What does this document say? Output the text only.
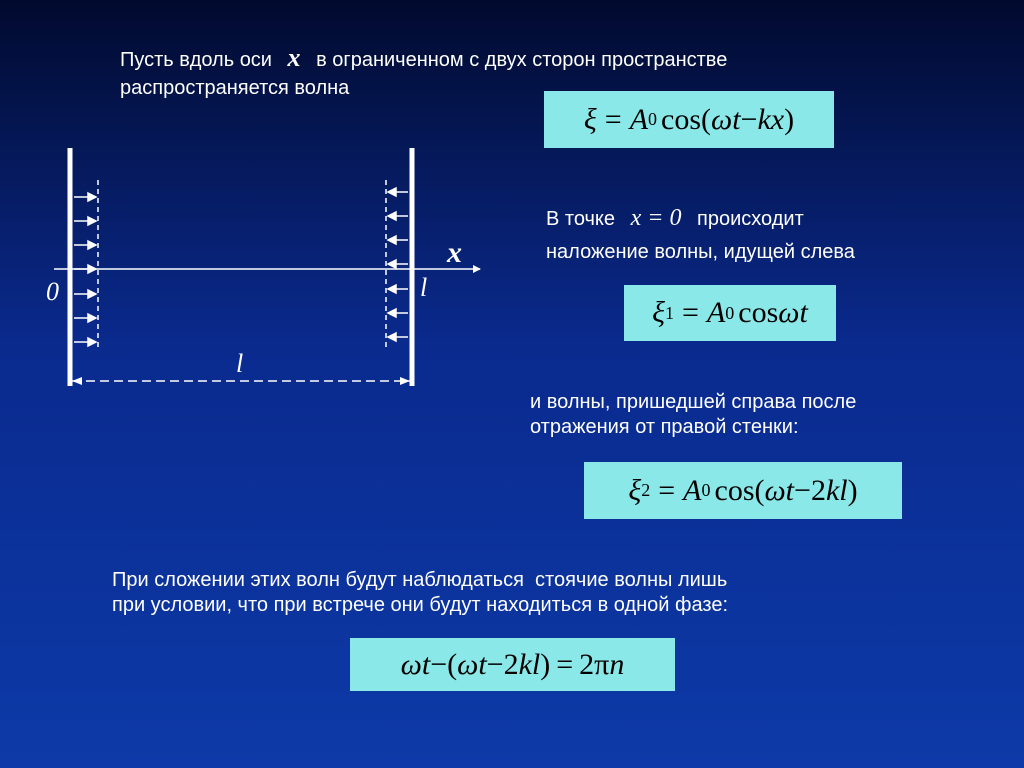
Пусть вдоль оси x в ограниченном с двух сторон пространстве
распространяется волна
ξ = A 0 cos( ω t − kx )
В точке x = 0 происходит
наложение волны, идущей слева
ξ 1 = A 0 cos ω t
и волны, пришедшей справа после
отражения от правой стенки:
ξ 2 = A 0 cos( ω t − 2 kl )
При сложении этих волн будут наблюдаться  стоячие волны лишь
при условии, что при встрече они будут находиться в одной фазе:
ω t − ( ω t − 2 kl ) = 2π n
x
0	l
l
